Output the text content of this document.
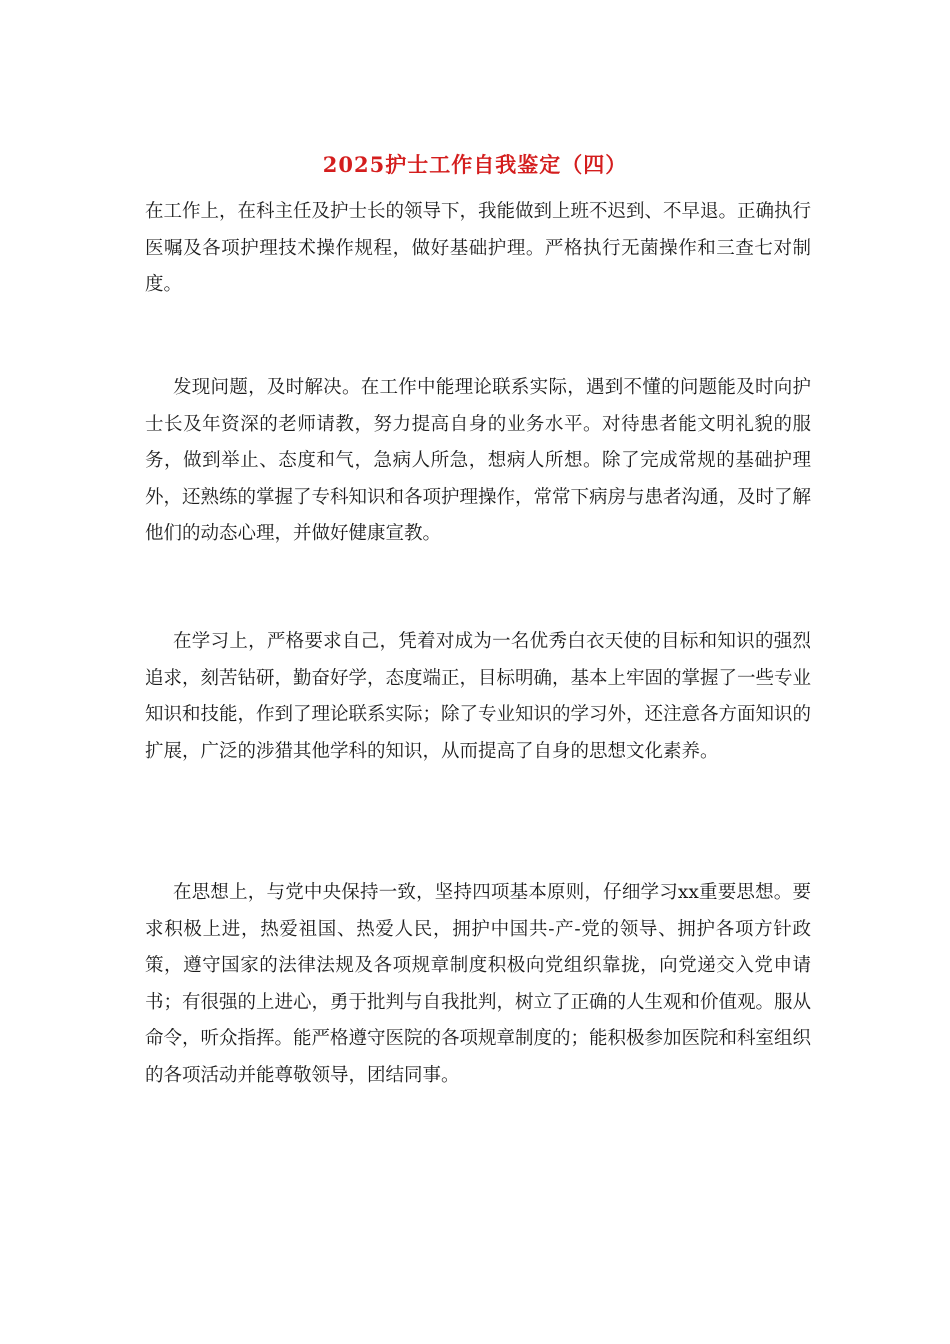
2025护士工作自我鉴定（四）

在工作上，在科主任及护士长的领导下，我能做到上班不迟到、不早退。正确执行医嘱及各项护理技术操作规程，做好基础护理。严格执行无菌操作和三查七对制度。

发现问题，及时解决。在工作中能理论联系实际，遇到不懂的问题能及时向护士长及年资深的老师请教，努力提高自身的业务水平。对待患者能文明礼貌的服务，做到举止、态度和气，急病人所急，想病人所想。除了完成常规的基础护理外，还熟练的掌握了专科知识和各项护理操作，常常下病房与患者沟通，及时了解他们的动态心理，并做好健康宣教。

在学习上，严格要求自己，凭着对成为一名优秀白衣天使的目标和知识的强烈追求，刻苦钻研，勤奋好学，态度端正，目标明确，基本上牢固的掌握了一些专业知识和技能，作到了理论联系实际；除了专业知识的学习外，还注意各方面知识的扩展，广泛的涉猎其他学科的知识，从而提高了自身的思想文化素养。

在思想上，与党中央保持一致，坚持四项基本原则，仔细学习xx重要思想。要求积极上进，热爱祖国、热爱人民，拥护中国共-产-党的领导、拥护各项方针政策，遵守国家的法律法规及各项规章制度积极向党组织靠拢，向党递交入党申请书；有很强的上进心，勇于批判与自我批判，树立了正确的人生观和价值观。服从命令，听众指挥。能严格遵守医院的各项规章制度的；能积极参加医院和科室组织的各项活动并能尊敬领导，团结同事。
